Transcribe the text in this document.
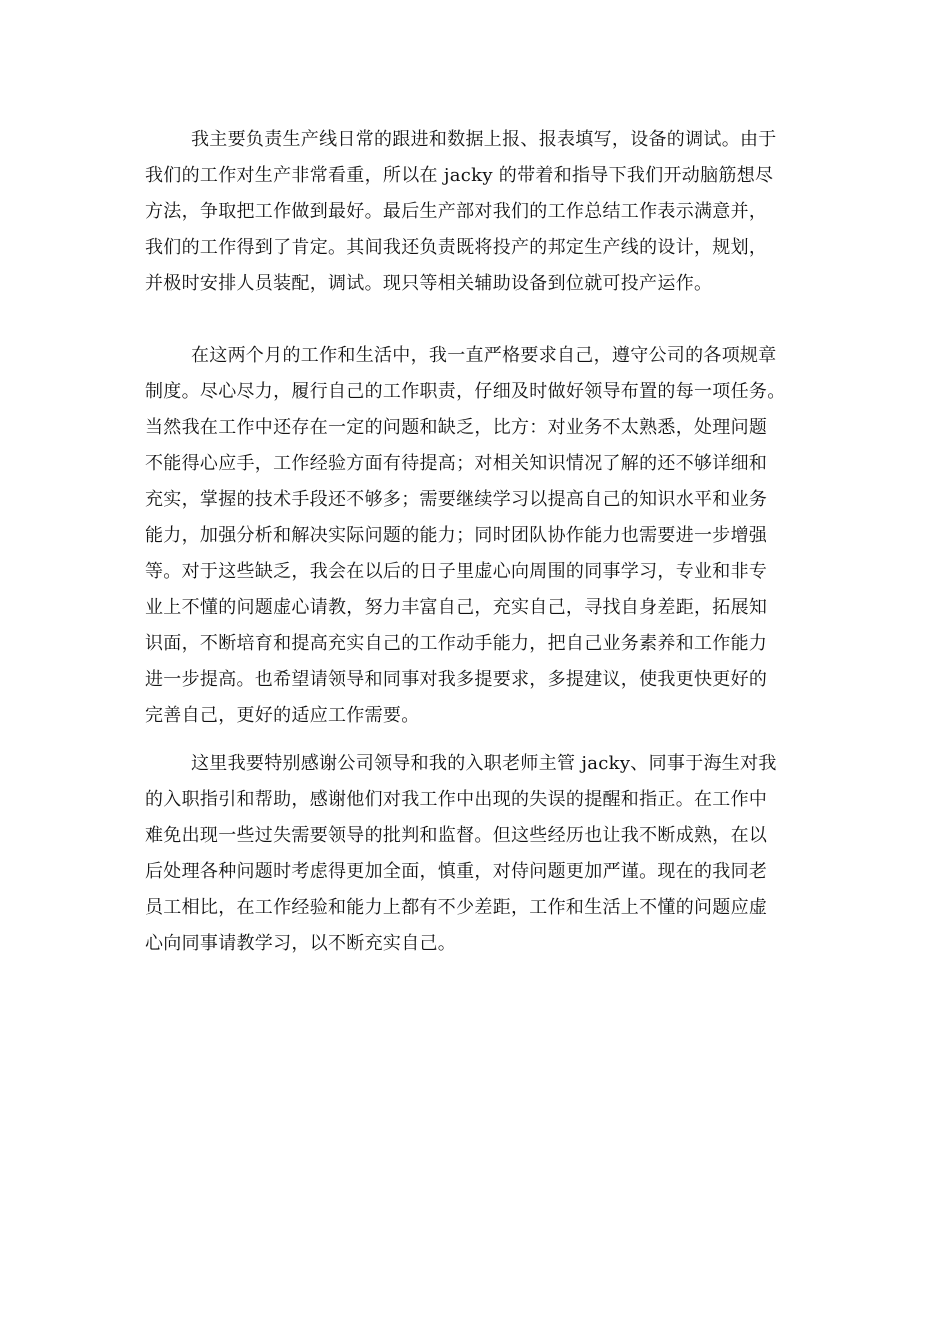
我主要负责生产线日常的跟进和数据上报、报表填写，设备的调试。由于
我们的工作对生产非常看重，所以在 jacky 的带着和指导下我们开动脑筋想尽
方法，争取把工作做到最好。最后生产部对我们的工作总结工作表示满意并，
我们的工作得到了肯定。其间我还负责既将投产的邦定生产线的设计，规划，
并极时安排人员装配，调试。现只等相关辅助设备到位就可投产运作。
在这两个月的工作和生活中，我一直严格要求自己，遵守公司的各项规章
制度。尽心尽力，履行自己的工作职责，仔细及时做好领导布置的每一项任务。
当然我在工作中还存在一定的问题和缺乏，比方：对业务不太熟悉，处理问题
不能得心应手，工作经验方面有待提高；对相关知识情况了解的还不够详细和
充实，掌握的技术手段还不够多；需要继续学习以提高自己的知识水平和业务
能力，加强分析和解决实际问题的能力；同时团队协作能力也需要进一步增强
等。对于这些缺乏，我会在以后的日子里虚心向周围的同事学习，专业和非专
业上不懂的问题虚心请教，努力丰富自己，充实自己，寻找自身差距，拓展知
识面，不断培育和提高充实自己的工作动手能力，把自己业务素养和工作能力
进一步提高。也希望请领导和同事对我多提要求，多提建议，使我更快更好的
完善自己，更好的适应工作需要。
这里我要特别感谢公司领导和我的入职老师主管 jacky、同事于海生对我
的入职指引和帮助，感谢他们对我工作中出现的失误的提醒和指正。在工作中
难免出现一些过失需要领导的批判和监督。但这些经历也让我不断成熟，在以
后处理各种问题时考虑得更加全面，慎重，对侍问题更加严谨。现在的我同老
员工相比，在工作经验和能力上都有不少差距，工作和生活上不懂的问题应虚
心向同事请教学习，以不断充实自己。
